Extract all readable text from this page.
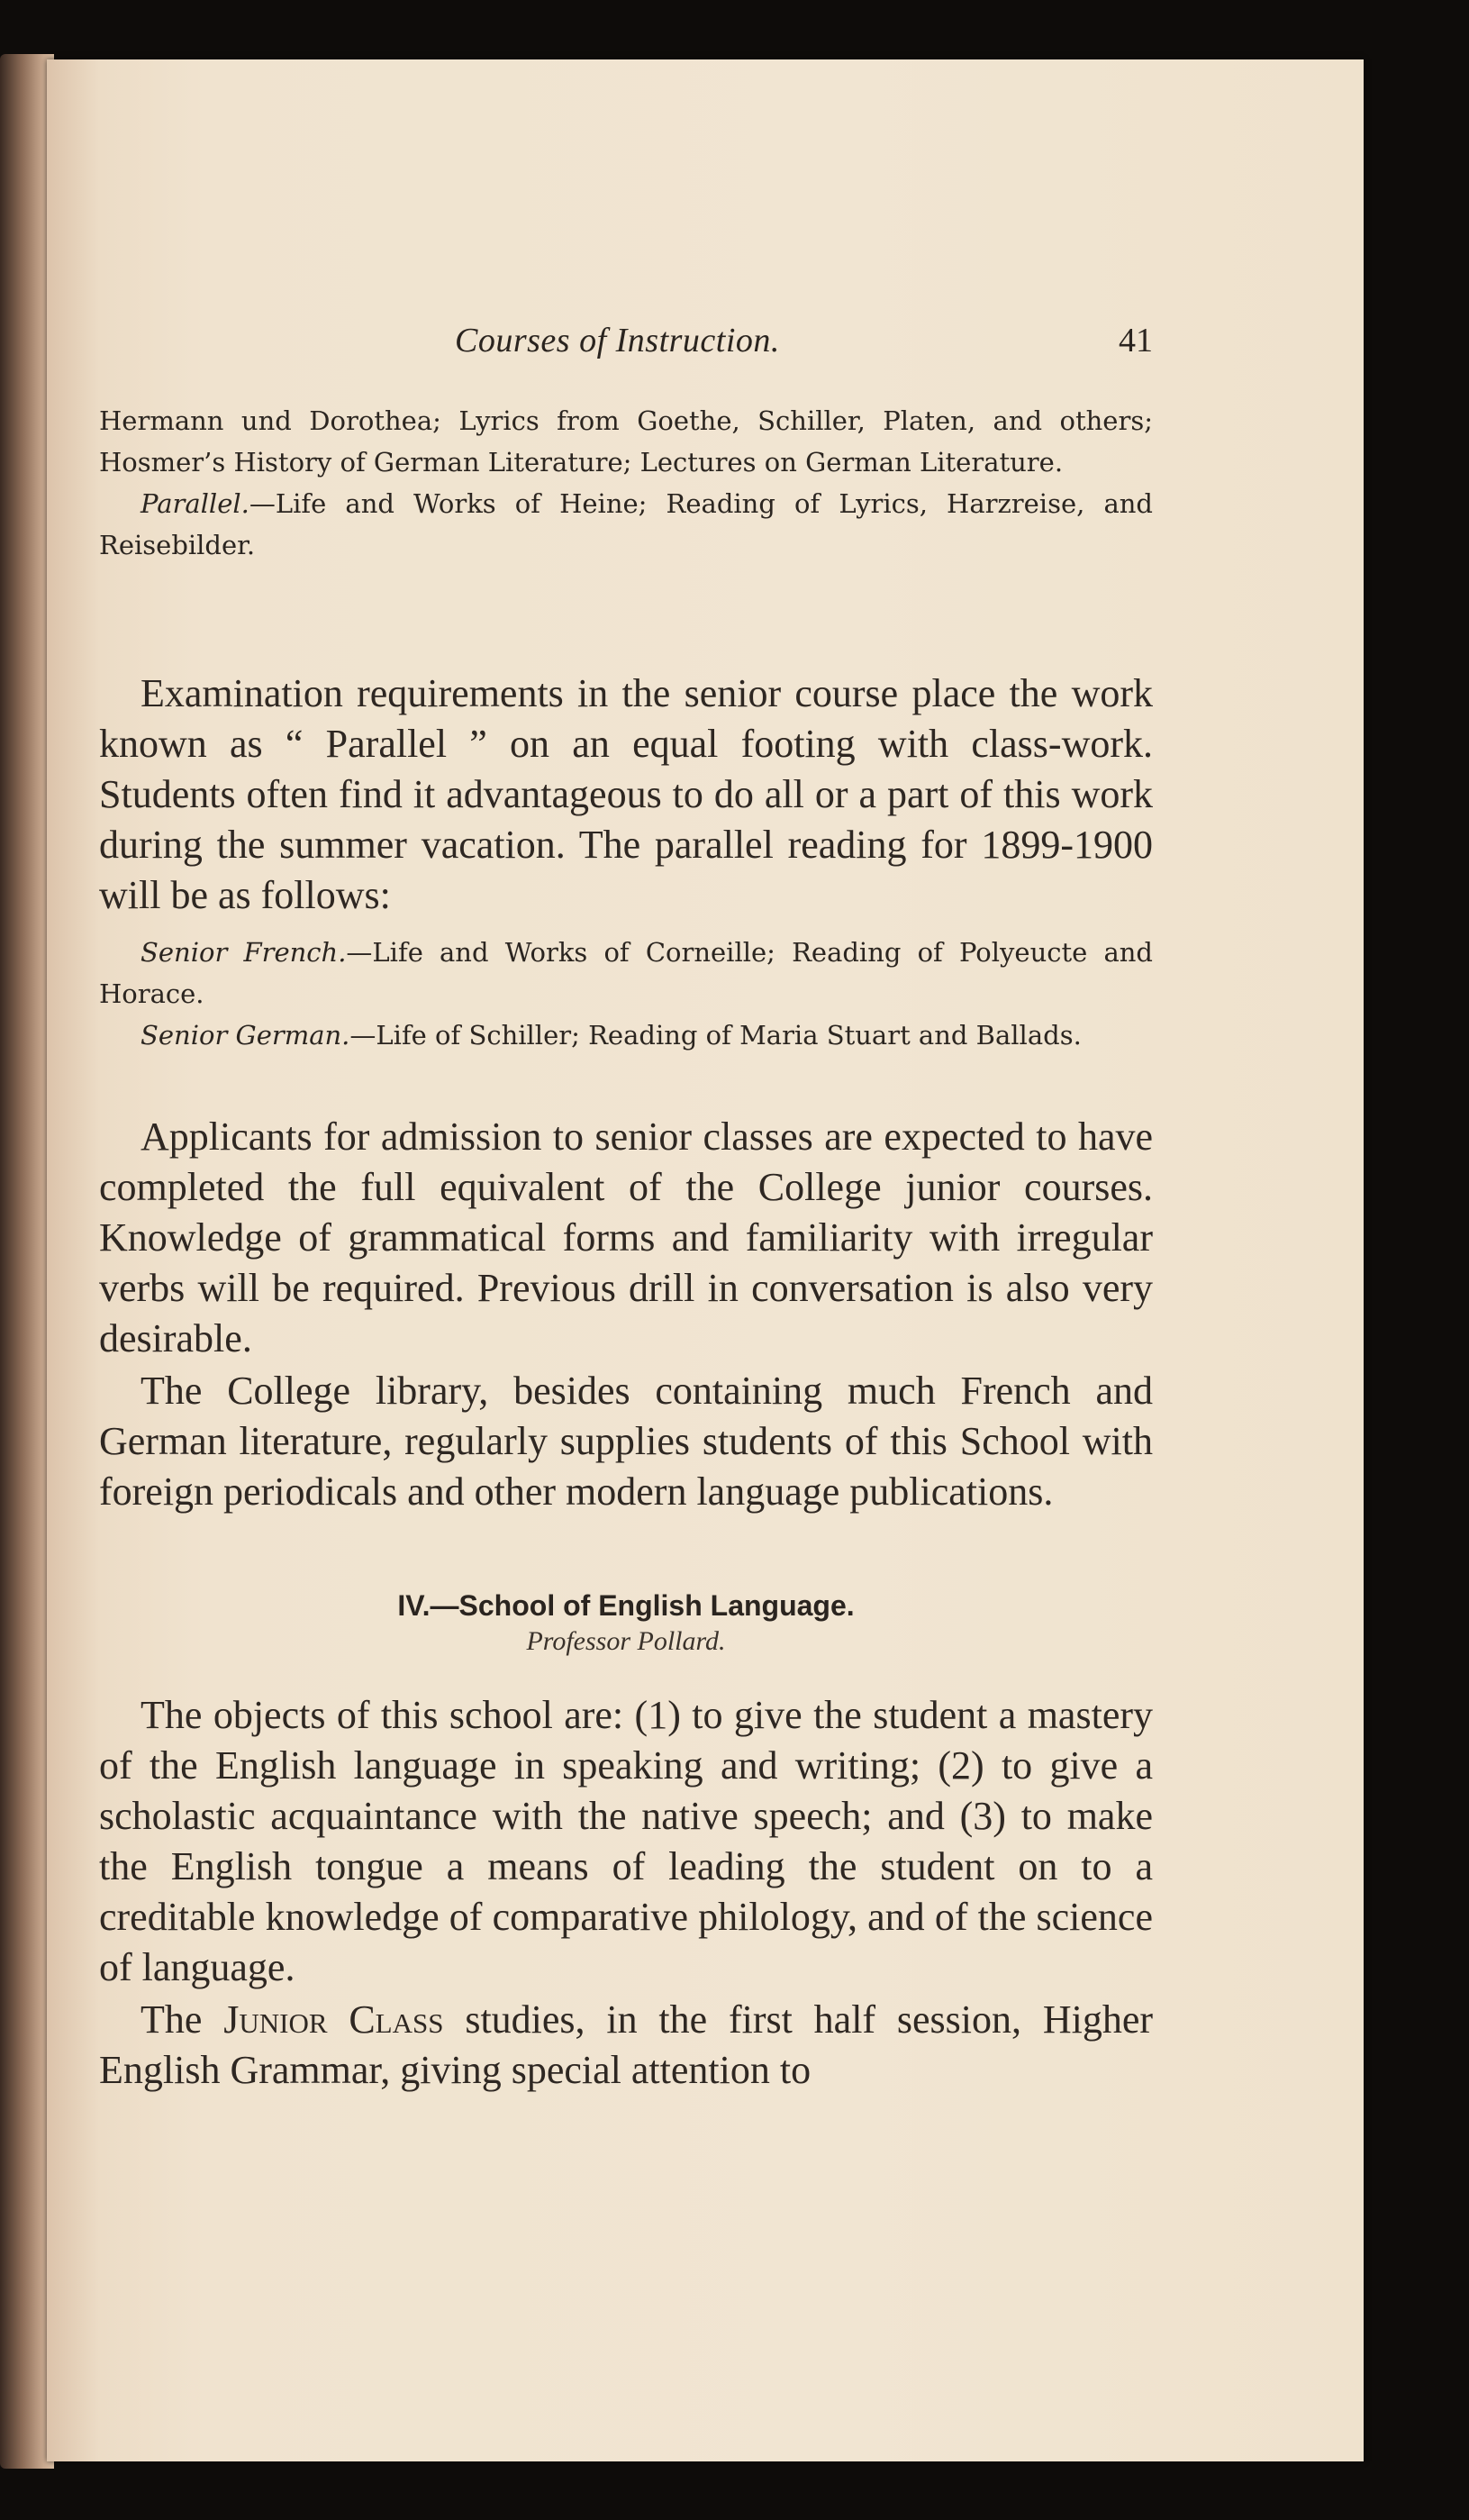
Courses of Instruction.	41

Hermann und Dorothea; Lyrics from Goethe, Schiller, Platen, and others; Hosmer’s History of German Literature; Lectures on German Literature.

Parallel.—Life and Works of Heine; Reading of Lyrics, Harzreise, and Reisebilder.

Examination requirements in the senior course place the work known as “ Parallel ” on an equal footing with class-work. Students often find it advantageous to do all or a part of this work during the summer vacation. The parallel reading for 1899-1900 will be as follows:

Senior French.—Life and Works of Corneille; Reading of Polyeucte and Horace.

Senior German.—Life of Schiller; Reading of Maria Stuart and Ballads.

Applicants for admission to senior classes are expected to have completed the full equivalent of the College junior courses. Knowledge of grammatical forms and familiarity with irregular verbs will be required. Previous drill in conversation is also very desirable.

The College library, besides containing much French and German literature, regularly supplies students of this School with foreign periodicals and other modern language publications.

IV.—School of English Language.

Professor Pollard.

The objects of this school are: (1) to give the student a mastery of the English language in speaking and writing; (2) to give a scholastic acquaintance with the native speech; and (3) to make the English tongue a means of leading the student on to a creditable knowledge of comparative philology, and of the science of language.

The Junior Class studies, in the first half session, Higher English Grammar, giving special attention to
